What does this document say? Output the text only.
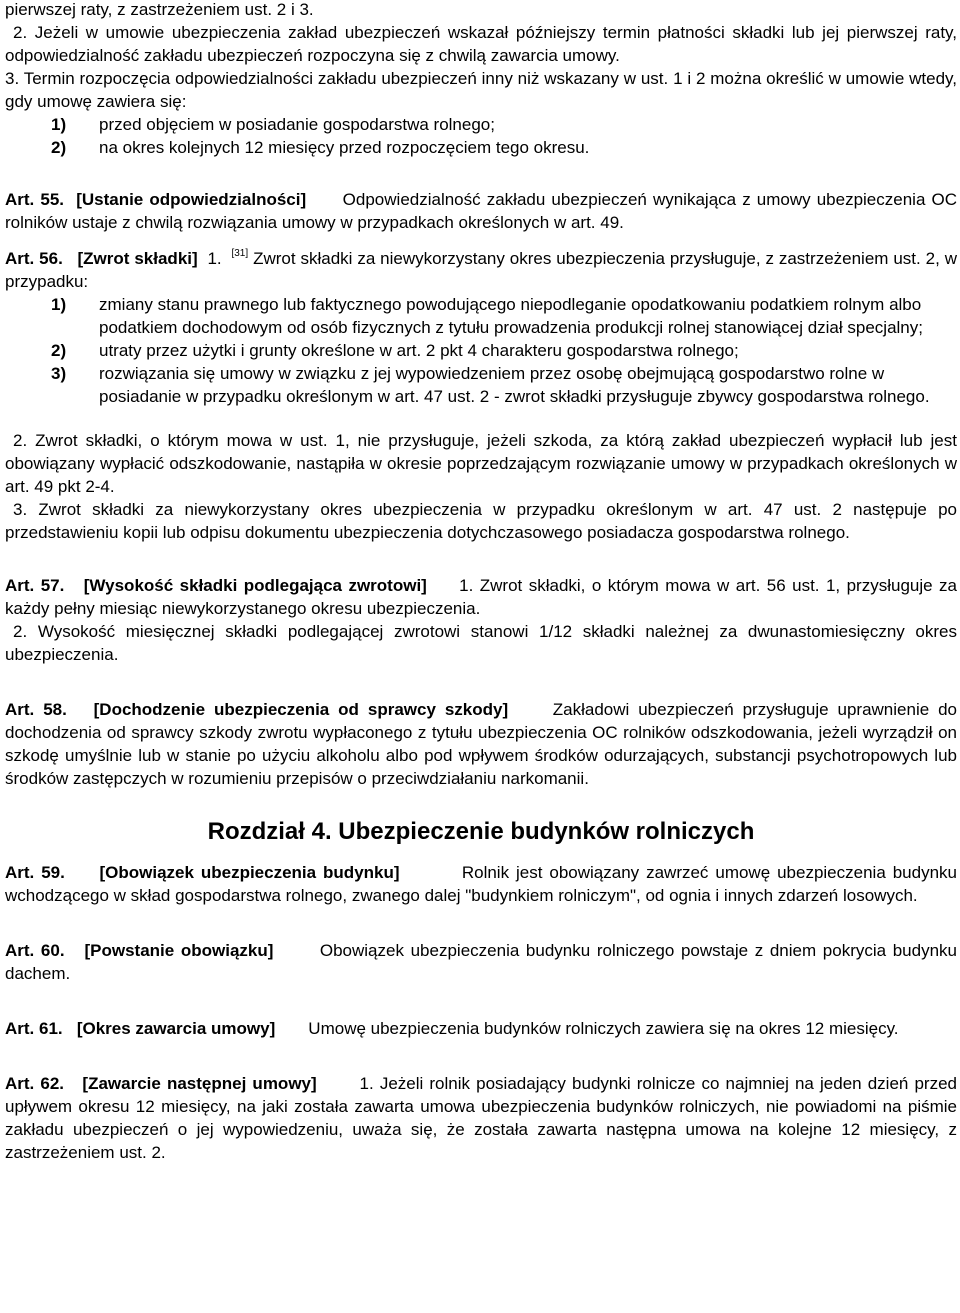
pierwszej raty, z zastrzeżeniem ust. 2 i 3.

2. Jeżeli w umowie ubezpieczenia zakład ubezpieczeń wskazał późniejszy termin płatności składki lub jej pierwszej raty, odpowiedzialność zakładu ubezpieczeń rozpoczyna się z chwilą zawarcia umowy.

3. Termin rozpoczęcia odpowiedzialności zakładu ubezpieczeń inny niż wskazany w ust. 1 i 2 można określić w umowie wtedy, gdy umowę zawiera się:

1)	przed objęciem w posiadanie gospodarstwa rolnego;
2)	na okres kolejnych 12 miesięcy przed rozpoczęciem tego okresu.

Art. 55. [Ustanie odpowiedzialności] Odpowiedzialność zakładu ubezpieczeń wynikająca z umowy ubezpieczenia OC rolników ustaje z chwilą rozwiązania umowy w przypadkach określonych w art. 49.

Art. 56. [Zwrot składki] 1. [31] Zwrot składki za niewykorzystany okres ubezpieczenia przysługuje, z zastrzeżeniem ust. 2, w przypadku:

1)	zmiany stanu prawnego lub faktycznego powodującego niepodleganie opodatkowaniu podatkiem rolnym albo podatkiem dochodowym od osób fizycznych z tytułu prowadzenia produkcji rolnej stanowiącej dział specjalny;
2)	utraty przez użytki i grunty określone w art. 2 pkt 4 charakteru gospodarstwa rolnego;
3)	rozwiązania się umowy w związku z jej wypowiedzeniem przez osobę obejmującą gospodarstwo rolne w posiadanie w przypadku określonym w art. 47 ust. 2 - zwrot składki przysługuje zbywcy gospodarstwa rolnego.

2. Zwrot składki, o którym mowa w ust. 1, nie przysługuje, jeżeli szkoda, za którą zakład ubezpieczeń wypłacił lub jest obowiązany wypłacić odszkodowanie, nastąpiła w okresie poprzedzającym rozwiązanie umowy w przypadkach określonych w art. 49 pkt 2-4.

3. Zwrot składki za niewykorzystany okres ubezpieczenia w przypadku określonym w art. 47 ust. 2 następuje po przedstawieniu kopii lub odpisu dokumentu ubezpieczenia dotychczasowego posiadacza gospodarstwa rolnego.

Art. 57. [Wysokość składki podlegająca zwrotowi] 1. Zwrot składki, o którym mowa w art. 56 ust. 1, przysługuje za każdy pełny miesiąc niewykorzystanego okresu ubezpieczenia.

2. Wysokość miesięcznej składki podlegającej zwrotowi stanowi 1/12 składki należnej za dwunastomiesięczny okres ubezpieczenia.

Art. 58. [Dochodzenie ubezpieczenia od sprawcy szkody]	Zakładowi ubezpieczeń przysługuje uprawnienie do dochodzenia od sprawcy szkody zwrotu wypłaconego z tytułu ubezpieczenia OC rolników odszkodowania, jeżeli wyrządził on szkodę umyślnie lub w stanie po użyciu alkoholu albo pod wpływem środków odurzających, substancji psychotropowych lub środków zastępczych w rozumieniu przepisów o przeciwdziałaniu narkomanii.

Rozdział 4. Ubezpieczenie budynków rolniczych

Art. 59. [Obowiązek ubezpieczenia budynku]	Rolnik jest obowiązany zawrzeć umowę ubezpieczenia budynku wchodzącego w skład gospodarstwa rolnego, zwanego dalej "budynkiem rolniczym", od ognia i innych zdarzeń losowych.

Art. 60. [Powstanie obowiązku]	Obowiązek ubezpieczenia budynku rolniczego powstaje z dniem pokrycia budynku dachem.

Art. 61. [Okres zawarcia umowy] Umowę ubezpieczenia budynków rolniczych zawiera się na okres 12 miesięcy.

Art. 62. [Zawarcie następnej umowy]	1. Jeżeli rolnik posiadający budynki rolnicze co najmniej na jeden dzień przed upływem okresu 12 miesięcy, na jaki została zawarta umowa ubezpieczenia budynków rolniczych, nie powiadomi na piśmie zakładu ubezpieczeń o jej wypowiedzeniu, uważa się, że została zawarta następna umowa na kolejne 12 miesięcy, z zastrzeżeniem ust. 2.
